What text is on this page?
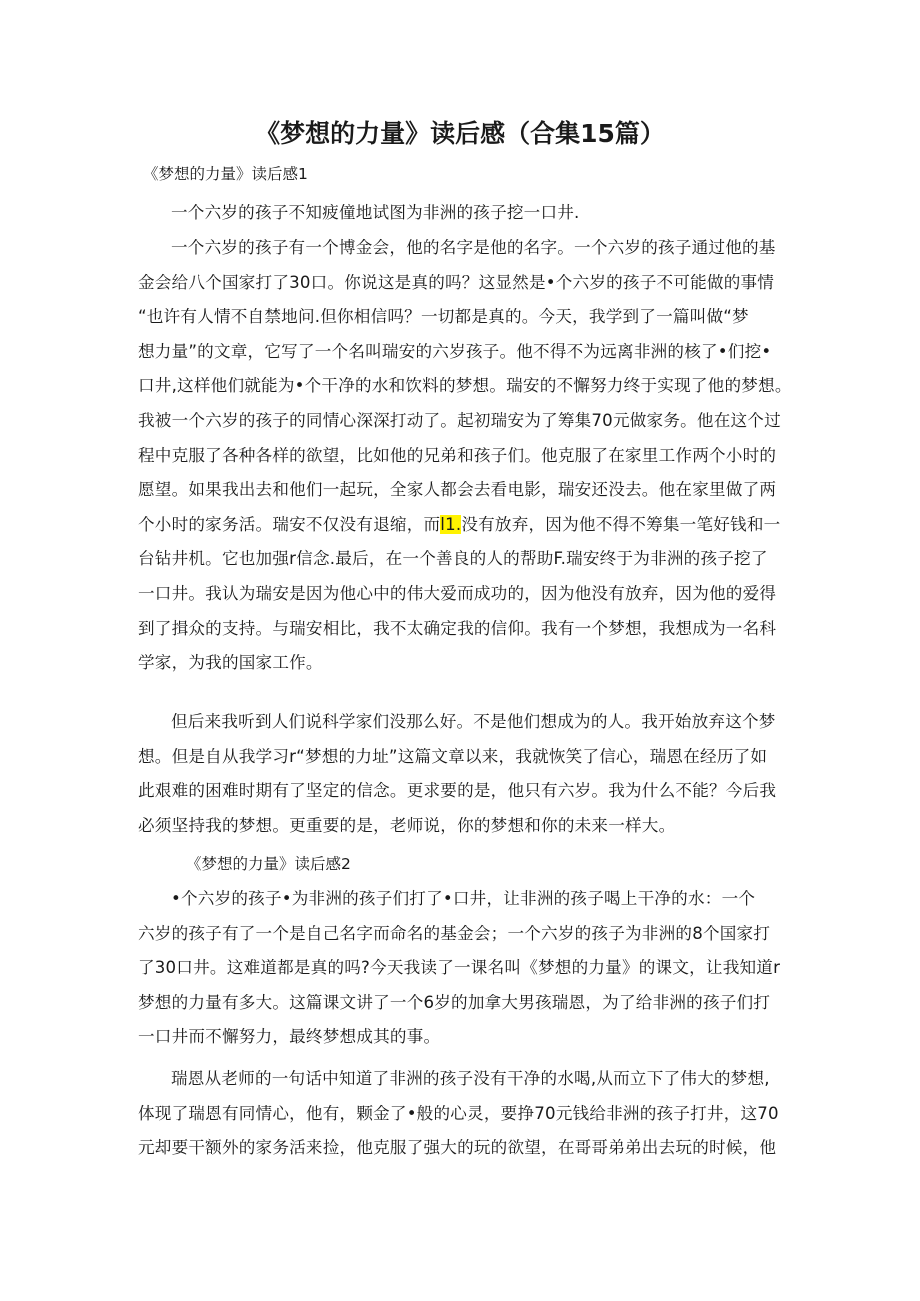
《梦想的力量》读后感（合集15篇）

《梦想的力量》读后感1

一个六岁的孩子不知疲僮地试图为非洲的孩子挖一口井.

一个六岁的孩子有一个博金会，他的名字是他的名字。一个六岁的孩子通过他的基
金会给八个国家打了30口。你说这是真的吗？这显然是•个六岁的孩子不可能做的事情
“也许有人情不自禁地问.但你相信吗？一切都是真的。今天，我学到了一篇叫做“梦
想力量”的文章，它写了一个名叫瑞安的六岁孩子。他不得不为远离非洲的核了•们挖•
口井,这样他们就能为•个干净的水和饮料的梦想。瑞安的不懈努力终于实现了他的梦想。
我被一个六岁的孩子的同情心深深打动了。起初瑞安为了筹集70元做家务。他在这个过
程中克服了各种各样的欲望，比如他的兄弟和孩子们。他克服了在家里工作两个小时的
愿望。如果我出去和他们一起玩，全家人都会去看电影，瑞安还没去。他在家里做了两
个小时的家务活。瑞安不仅没有退缩，而l1.没有放弃，因为他不得不筹集一笔好钱和一
台钻井机。它也加强r信念.最后，在一个善良的人的帮助F.瑞安终于为非洲的孩子挖了
一口井。我认为瑞安是因为他心中的伟大爱而成功的，因为他没有放弃，因为他的爱得
到了揖众的支持。与瑞安相比，我不太确定我的信仰。我有一个梦想，我想成为一名科
学家，为我的国家工作。

但后来我听到人们说科学家们没那么好。不是他们想成为的人。我开始放弃这个梦
想。但是自从我学习r“梦想的力址”这篇文章以来，我就恢笑了信心，瑞恩在经历了如
此艰难的困难时期有了坚定的信念。更求要的是，他只有六岁。我为什么不能？今后我
必须坚持我的梦想。更重要的是，老师说，你的梦想和你的未来一样大。

《梦想的力量》读后感2

•个六岁的孩子•为非洲的孩子们打了•口井，让非洲的孩子喝上干净的水：一个
六岁的孩子有了一个是自己名字而命名的基金会；一个六岁的孩子为非洲的8个国家打
了30口井。这难道都是真的吗?今天我读了一课名叫《梦想的力量》的课文，让我知道r
梦想的力量有多大。这篇课文讲了一个6岁的加拿大男孩瑞恩，为了给非洲的孩子们打
一口井而不懈努力，最终梦想成其的事。

瑞恩从老师的一句话中知道了非洲的孩子没有干净的水喝,从而立下了伟大的梦想,
体现了瑞恩有同情心，他有，颗金了•般的心灵，要挣70元钱给非洲的孩子打井，这70
元却要干额外的家务活来捡，他克服了强大的玩的欲望，在哥哥弟弟出去玩的时候，他
